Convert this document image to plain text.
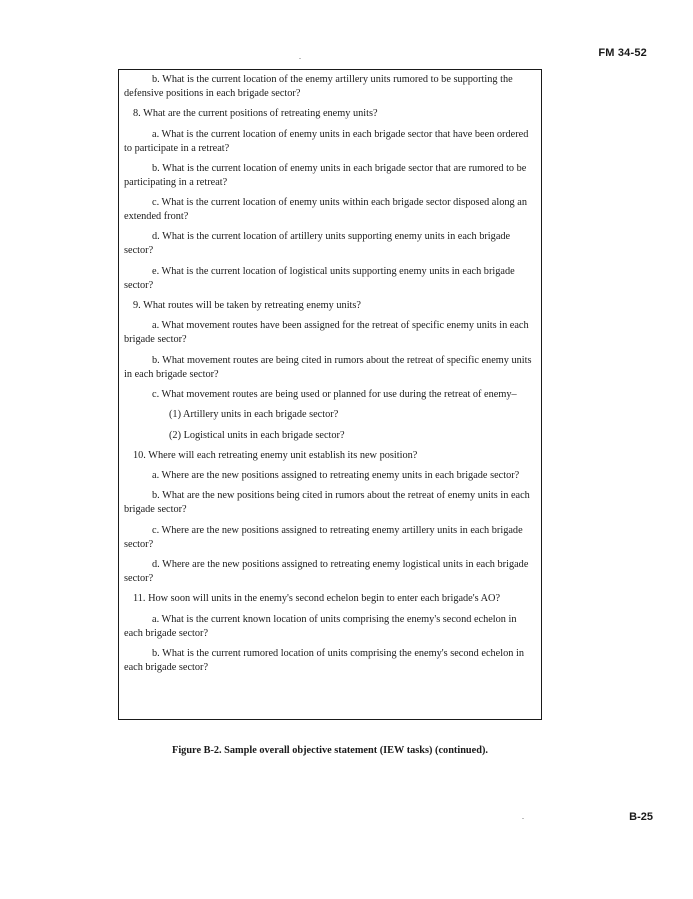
FM 34-52
b. What is the current location of the enemy artillery units rumored to be supporting the defensive positions in each brigade sector?
8. What are the current positions of retreating enemy units?
a. What is the current location of enemy units in each brigade sector that have been ordered to participate in a retreat?
b. What is the current location of enemy units in each brigade sector that are rumored to be participating in a retreat?
c. What is the current location of enemy units within each brigade sector disposed along an extended front?
d. What is the current location of artillery units supporting enemy units in each brigade sector?
e. What is the current location of logistical units supporting enemy units in each brigade sector?
9. What routes will be taken by retreating enemy units?
a. What movement routes have been assigned for the retreat of specific enemy units in each brigade sector?
b. What movement routes are being cited in rumors about the retreat of specific enemy units in each brigade sector?
c. What movement routes are being used or planned for use during the retreat of enemy–
(1) Artillery units in each brigade sector?
(2) Logistical units in each brigade sector?
10. Where will each retreating enemy unit establish its new position?
a. Where are the new positions assigned to retreating enemy units in each brigade sector?
b. What are the new positions being cited in rumors about the retreat of enemy units in each brigade sector?
c. Where are the new positions assigned to retreating enemy artillery units in each brigade sector?
d. Where are the new positions assigned to retreating enemy logistical units in each brigade sector?
11. How soon will units in the enemy's second echelon begin to enter each brigade's AO?
a. What is the current known location of units comprising the enemy's second echelon in each brigade sector?
b. What is the current rumored location of units comprising the enemy's second echelon in each brigade sector?
Figure B-2. Sample overall objective statement (IEW tasks) (continued).
B-25
.
.
